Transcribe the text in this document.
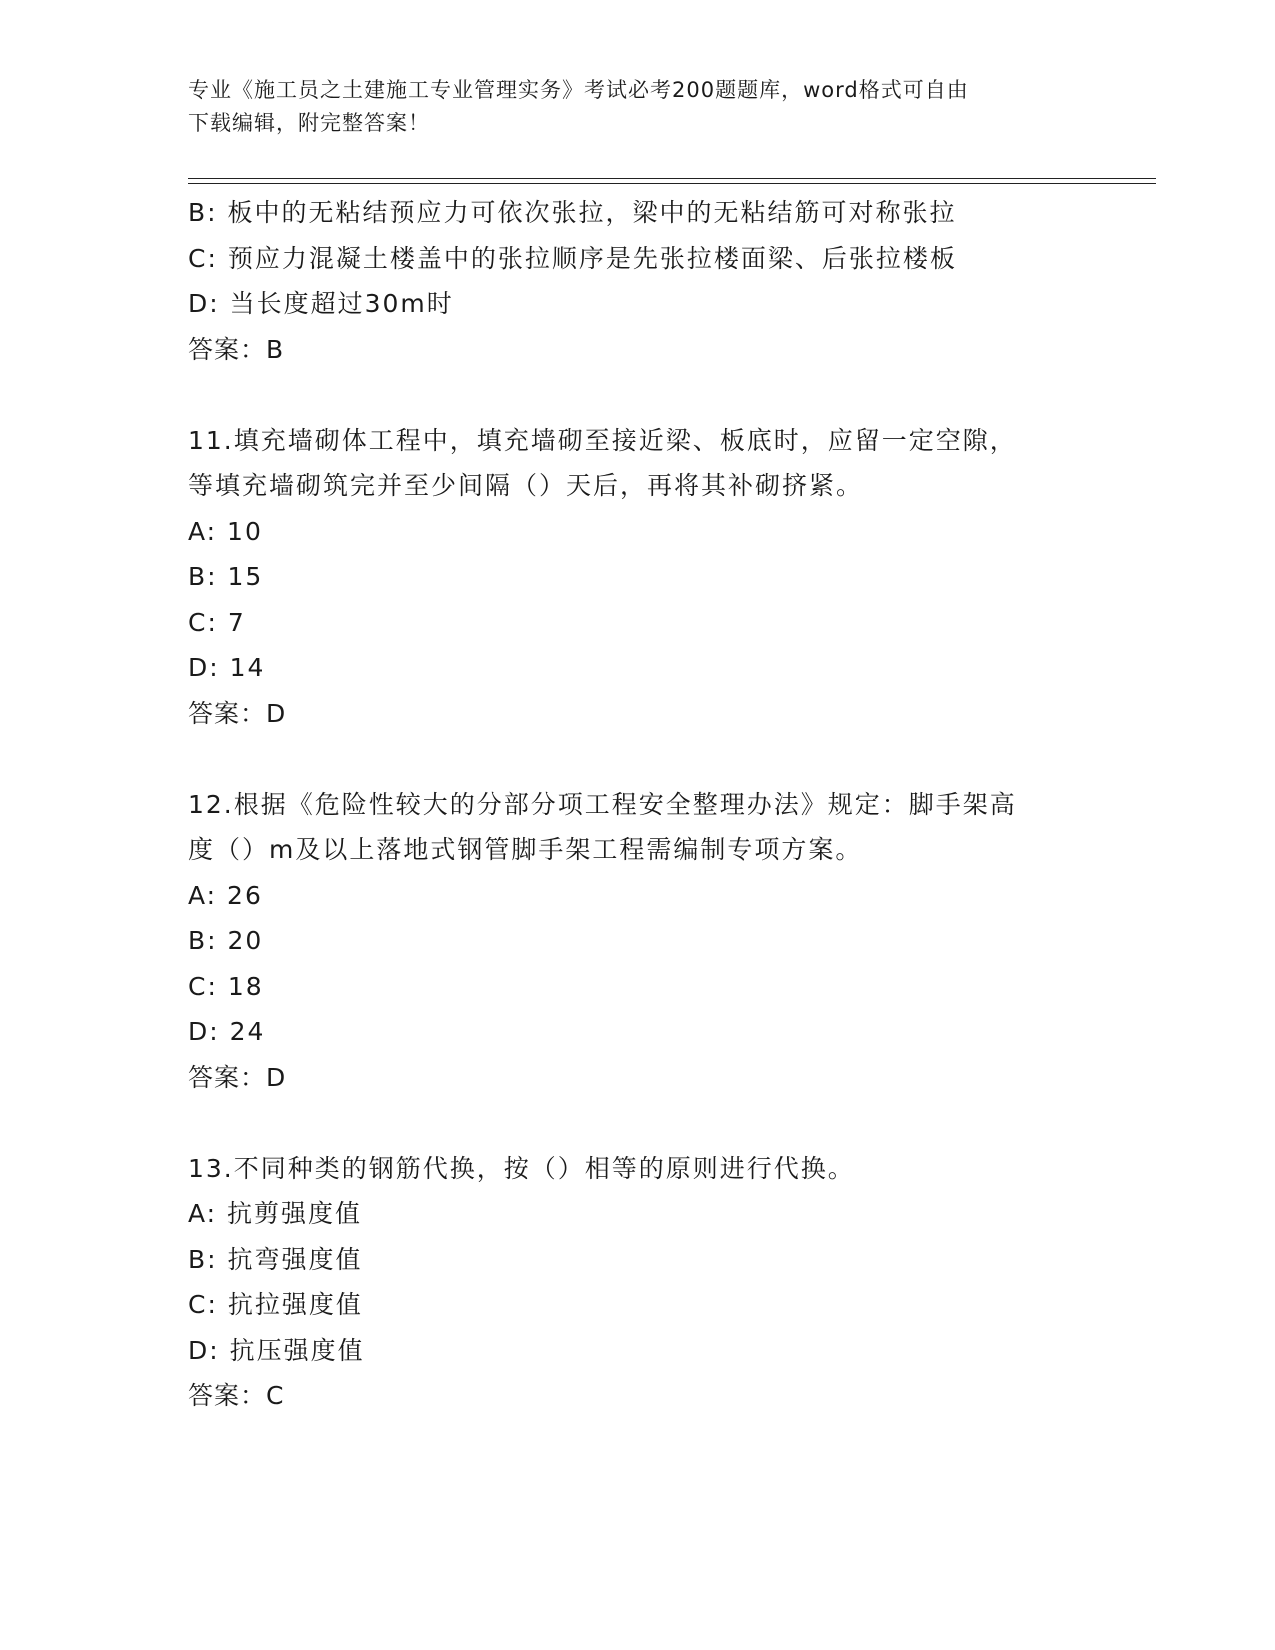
专业《施工员之土建施工专业管理实务》考试必考200题题库，word格式可自由
下载编辑，附完整答案！
B: 板中的无粘结预应力可依次张拉，梁中的无粘结筋可对称张拉
C: 预应力混凝土楼盖中的张拉顺序是先张拉楼面梁、后张拉楼板
D: 当长度超过30m时
答案：B
11.填充墙砌体工程中，填充墙砌至接近梁、板底时，应留一定空隙，
等填充墙砌筑完并至少间隔（）天后，再将其补砌挤紧。
A: 10
B: 15
C: 7
D: 14
答案：D
12.根据《危险性较大的分部分项工程安全整理办法》规定：脚手架高
度（）m及以上落地式钢管脚手架工程需编制专项方案。
A: 26
B: 20
C: 18
D: 24
答案：D
13.不同种类的钢筋代换，按（）相等的原则进行代换。
A: 抗剪强度值
B: 抗弯强度值
C: 抗拉强度值
D: 抗压强度值
答案：C
